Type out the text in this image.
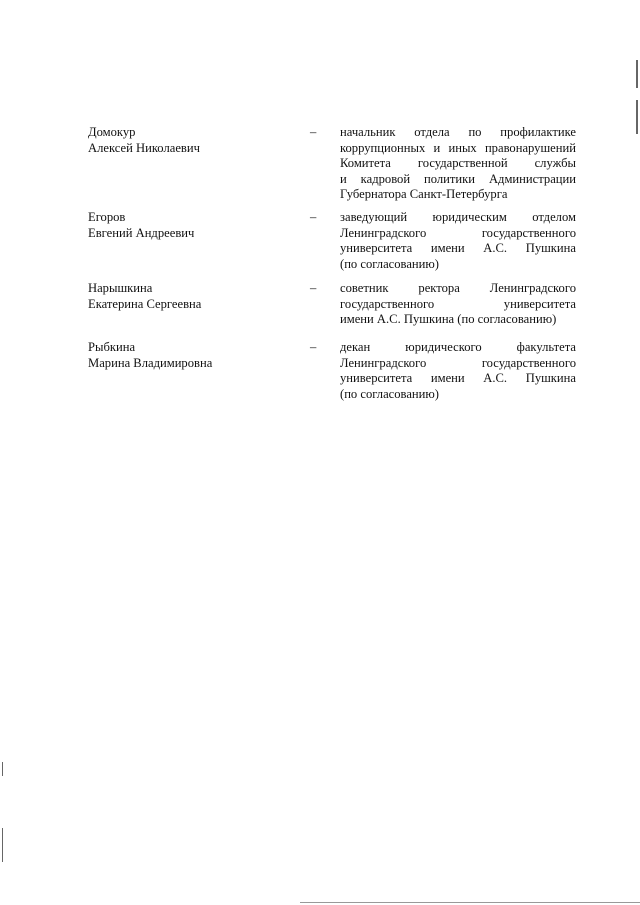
Домокур
Алексей Николаевич
– начальник отдела по профилактике
коррупционных и иных правонарушений
Комитета государственной службы
и кадровой политики Администрации
Губернатора Санкт-Петербурга
Егоров
Евгений Андреевич
– заведующий юридическим отделом
Ленинградского государственного
университета имени А.С. Пушкина
(по согласованию)
Нарышкина
Екатерина Сергеевна
– советник ректора Ленинградского
государственного университета
имени А.С. Пушкина (по согласованию)
Рыбкина
Марина Владимировна
– декан юридического факультета
Ленинградского государственного
университета имени А.С. Пушкина
(по согласованию)
